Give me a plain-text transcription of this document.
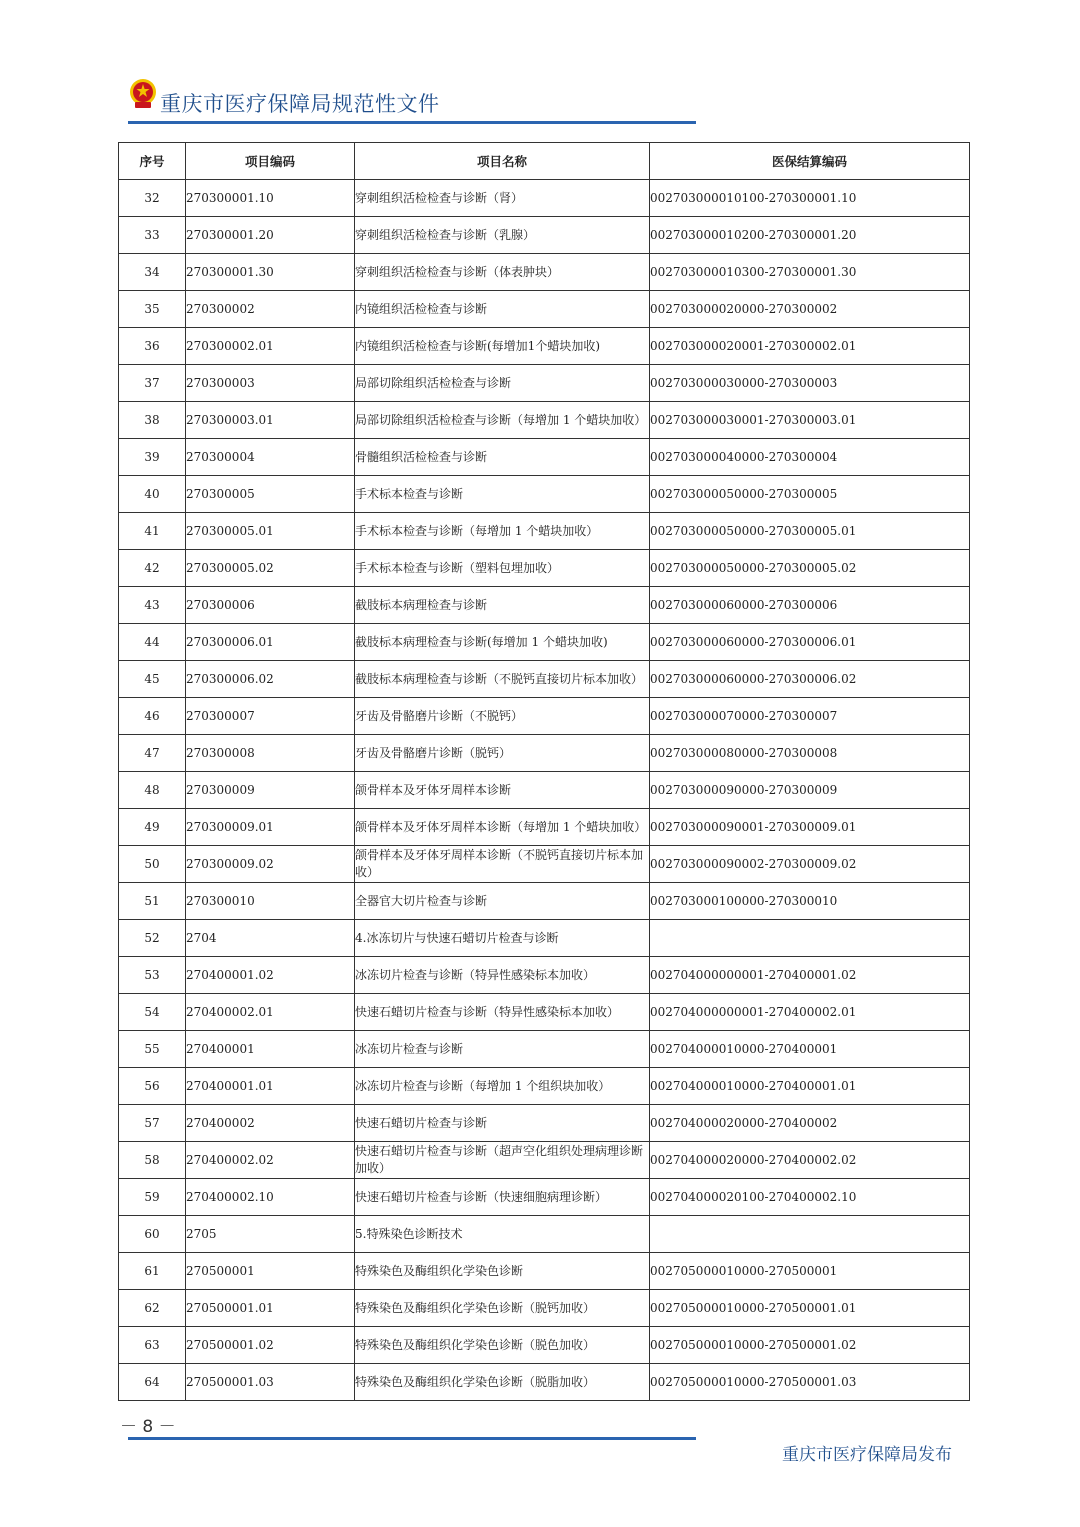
重庆市医疗保障局规范性文件
序号	项目编码	项目名称	医保结算编码
32	270300001.10	穿刺组织活检检查与诊断（肾）	002703000010100-270300001.10
33	270300001.20	穿刺组织活检检查与诊断（乳腺）	002703000010200-270300001.20
34	270300001.30	穿刺组织活检检查与诊断（体表肿块）	002703000010300-270300001.30
35	270300002	内镜组织活检检查与诊断	002703000020000-270300002
36	270300002.01	内镜组织活检检查与诊断(每增加1个蜡块加收)	002703000020001-270300002.01
37	270300003	局部切除组织活检检查与诊断	002703000030000-270300003
38	270300003.01	局部切除组织活检检查与诊断（每增加 1 个蜡块加收）	002703000030001-270300003.01
39	270300004	骨髓组织活检检查与诊断	002703000040000-270300004
40	270300005	手术标本检查与诊断	002703000050000-270300005
41	270300005.01	手术标本检查与诊断（每增加 1 个蜡块加收）	002703000050000-270300005.01
42	270300005.02	手术标本检查与诊断（塑料包埋加收）	002703000050000-270300005.02
43	270300006	截肢标本病理检查与诊断	002703000060000-270300006
44	270300006.01	截肢标本病理检查与诊断(每增加 1 个蜡块加收)	002703000060000-270300006.01
45	270300006.02	截肢标本病理检查与诊断（不脱钙直接切片标本加收）	002703000060000-270300006.02
46	270300007	牙齿及骨骼磨片诊断（不脱钙）	002703000070000-270300007
47	270300008	牙齿及骨骼磨片诊断（脱钙）	002703000080000-270300008
48	270300009	颌骨样本及牙体牙周样本诊断	002703000090000-270300009
49	270300009.01	颌骨样本及牙体牙周样本诊断（每增加 1 个蜡块加收）	002703000090001-270300009.01
50	270300009.02	颌骨样本及牙体牙周样本诊断（不脱钙直接切片标本加收）	002703000090002-270300009.02
51	270300010	全器官大切片检查与诊断	002703000100000-270300010
52	2704	4.冰冻切片与快速石蜡切片检查与诊断	
53	270400001.02	冰冻切片检查与诊断（特异性感染标本加收）	002704000000001-270400001.02
54	270400002.01	快速石蜡切片检查与诊断（特异性感染标本加收）	002704000000001-270400002.01
55	270400001	冰冻切片检查与诊断	002704000010000-270400001
56	270400001.01	冰冻切片检查与诊断（每增加 1 个组织块加收）	002704000010000-270400001.01
57	270400002	快速石蜡切片检查与诊断	002704000020000-270400002
58	270400002.02	快速石蜡切片检查与诊断（超声空化组织处理病理诊断加收）	002704000020000-270400002.02
59	270400002.10	快速石蜡切片检查与诊断（快速细胞病理诊断）	002704000020100-270400002.10
60	2705	5.特殊染色诊断技术	
61	270500001	特殊染色及酶组织化学染色诊断	002705000010000-270500001
62	270500001.01	特殊染色及酶组织化学染色诊断（脱钙加收）	002705000010000-270500001.01
63	270500001.02	特殊染色及酶组织化学染色诊断（脱色加收）	002705000010000-270500001.02
64	270500001.03	特殊染色及酶组织化学染色诊断（脱脂加收）	002705000010000-270500001.03
－ 8 －
重庆市医疗保障局发布
